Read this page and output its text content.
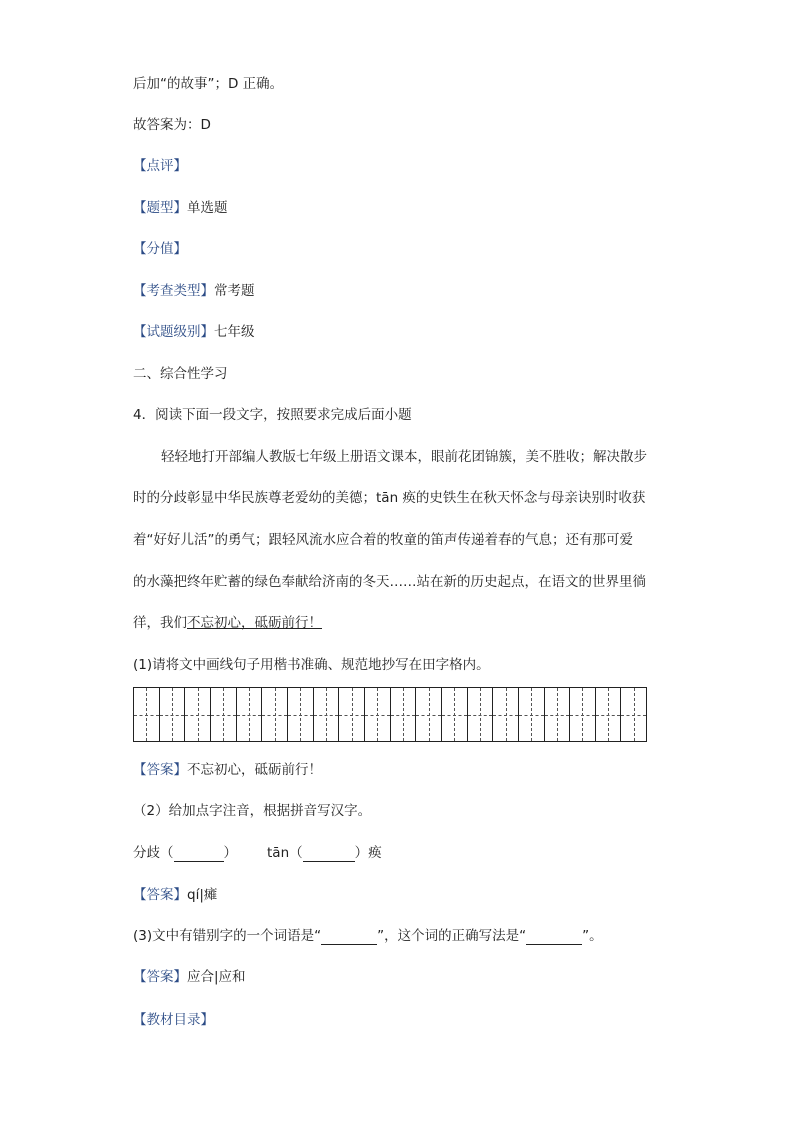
后加“的故事”；D 正确。
故答案为：D
【点评】
【题型】单选题
【分值】
【考查类型】常考题
【试题级别】七年级
二、综合性学习
4．阅读下面一段文字，按照要求完成后面小题
轻轻地打开部编人教版七年级上册语文课本，眼前花团锦簇，美不胜收；解决散步
时的分歧彰显中华民族尊老爱幼的美德；tān 痪的史铁生在秋天怀念与母亲诀别时收获
着“好好儿活”的勇气；跟轻风流水应合着的牧童的笛声传递着春的气息；还有那可爱
的水藻把终年贮蓄的绿色奉献给济南的冬天……站在新的历史起点，在语文的世界里徜
徉，我们不忘初心，砥砺前行！
(1)请将文中画线句子用楷书准确、规范地抄写在田字格内。
【答案】不忘初心，砥砺前行！
（2）给加点字注音，根据拼音写汉字。
分歧（	） tān（	）痪
【答案】qí|瘫
(3)文中有错别字的一个词语是“	”，这个词的正确写法是“	”。
【答案】应合|应和
【教材目录】
